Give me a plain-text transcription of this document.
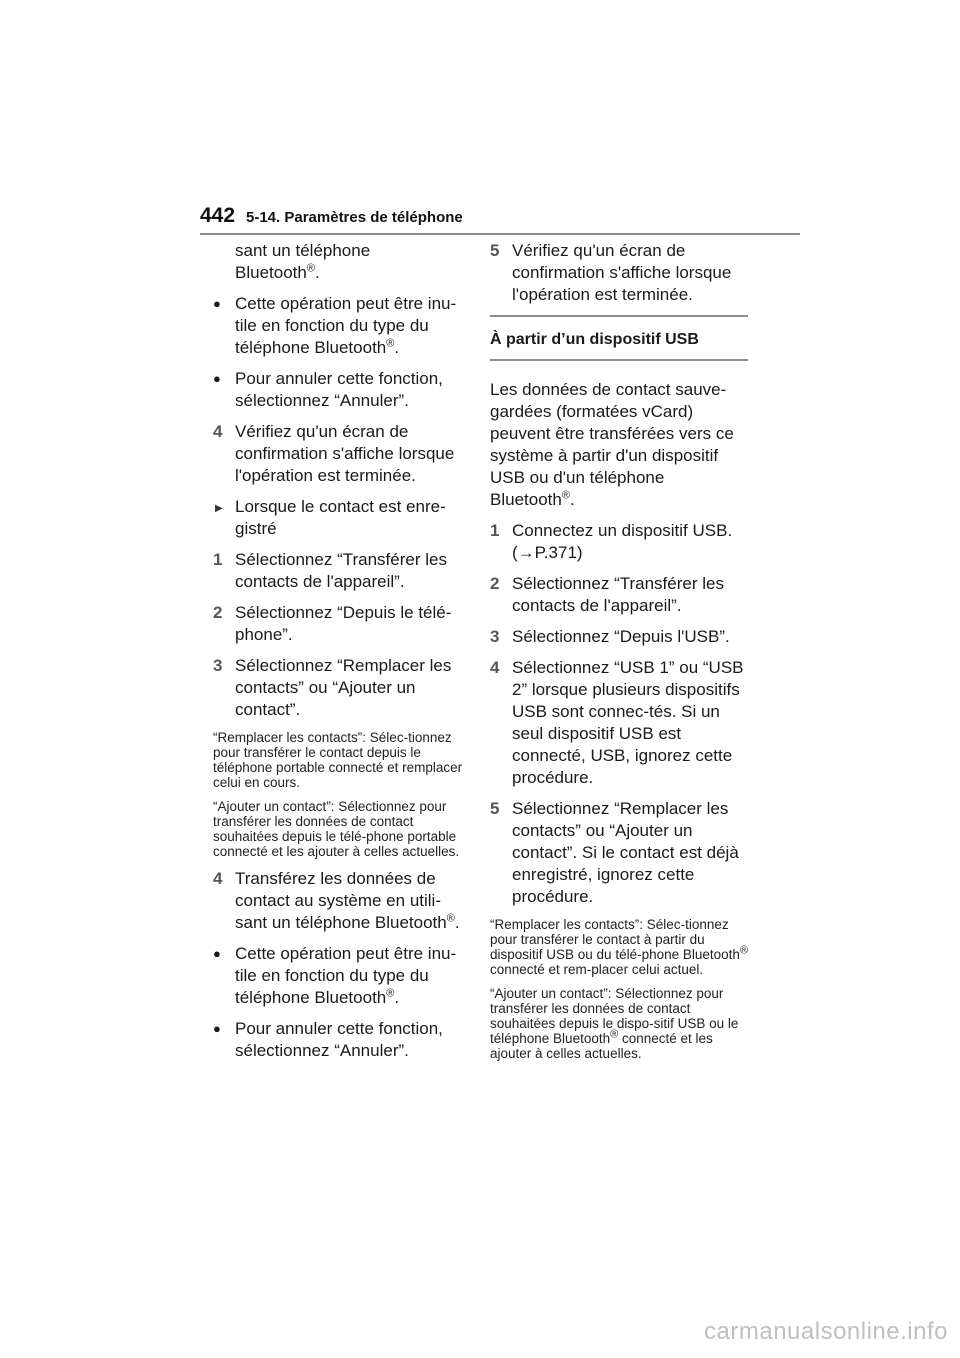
442 5-14. Paramètres de téléphone

sant un téléphone
Bluetooth®.

● Cette opération peut être inu-tile en fonction du type du téléphone Bluetooth®.

● Pour annuler cette fonction, sélectionnez “Annuler”.

4 Vérifiez qu'un écran de confirmation s'affiche lorsque l'opération est terminée.

▶ Lorsque le contact est enre-gistré

1 Sélectionnez “Transférer les contacts de l'appareil”.

2 Sélectionnez “Depuis le télé-phone”.

3 Sélectionnez “Remplacer les contacts” ou “Ajouter un contact”.

“Remplacer les contacts”: Sélec-tionnez pour transférer le contact depuis le téléphone portable connecté et remplacer celui en cours.

“Ajouter un contact”: Sélectionnez pour transférer les données de contact souhaitées depuis le télé-phone portable connecté et les ajouter à celles actuelles.

4 Transférez les données de contact au système en utili-sant un téléphone Bluetooth®.

● Cette opération peut être inu-tile en fonction du type du téléphone Bluetooth®.

● Pour annuler cette fonction, sélectionnez “Annuler”.

5 Vérifiez qu'un écran de confirmation s'affiche lorsque l'opération est terminée.

À partir d’un dispositif USB

Les données de contact sauve-gardées (formatées vCard) peuvent être transférées vers ce système à partir d'un dispositif USB ou d'un téléphone Bluetooth®.

1 Connectez un dispositif USB.
(→P.371)

2 Sélectionnez “Transférer les contacts de l'appareil”.

3 Sélectionnez “Depuis l'USB”.

4 Sélectionnez “USB 1” ou “USB 2” lorsque plusieurs dispositifs USB sont connec-tés. Si un seul dispositif USB est connecté, USB, ignorez cette procédure.

5 Sélectionnez “Remplacer les contacts” ou “Ajouter un contact”. Si le contact est déjà enregistré, ignorez cette procédure.

“Remplacer les contacts”: Sélec-tionnez pour transférer le contact à partir du dispositif USB ou du télé-phone Bluetooth® connecté et rem-placer celui actuel.

“Ajouter un contact”: Sélectionnez pour transférer les données de contact souhaitées depuis le dispo-sitif USB ou le téléphone Bluetooth® connecté et les ajouter à celles actuelles.

carmanualsonline.info
